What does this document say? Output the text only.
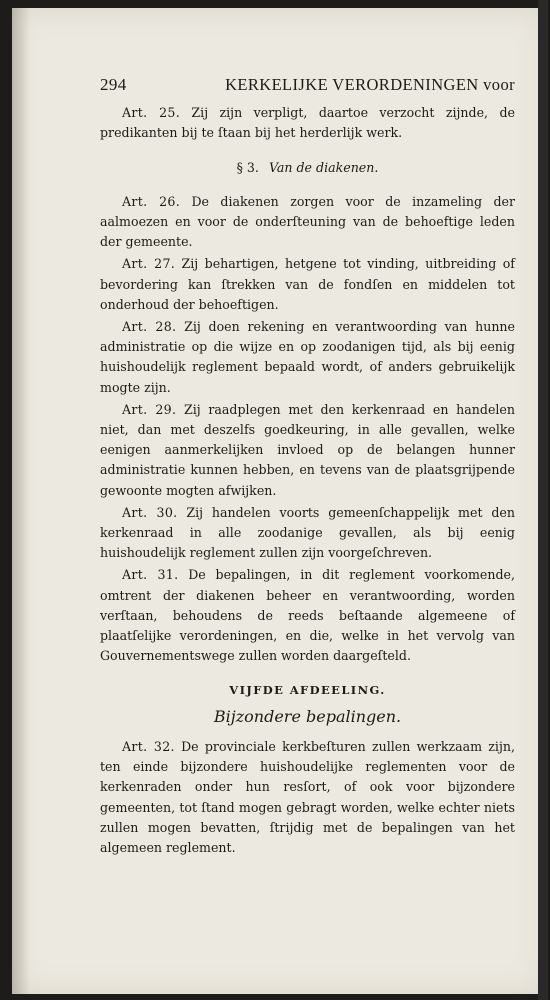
294	KERKELIJKE VERORDENINGEN voor

Art. 25. Zij zijn verpligt, daartoe verzocht zijnde, de predikanten bij te ſtaan bij het herderlijk werk.

§ 3. Van de diakenen.

Art. 26. De diakenen zorgen voor de inzameling der aalmoezen en voor de onderſteuning van de behoeftige leden der gemeente.

Art. 27. Zij behartigen, hetgene tot vinding, uitbreiding of bevordering kan ſtrekken van de fondſen en middelen tot onderhoud der behoeftigen.

Art. 28. Zij doen rekening en verantwoording van hunne administratie op die wijze en op zoodanigen tijd, als bij eenig huishoudelijk reglement bepaald wordt, of anders gebruikelijk mogte zijn.

Art. 29. Zij raadplegen met den kerkenraad en handelen niet, dan met deszelfs goedkeuring, in alle gevallen, welke eenigen aanmerkelijken invloed op de belangen hunner administratie kunnen hebben, en tevens van de plaatsgrijpende gewoonte mogten afwijken.

Art. 30. Zij handelen voorts gemeenſchappelijk met den kerkenraad in alle zoodanige gevallen, als bij eenig huishoudelijk reglement zullen zijn voorgeſchreven.

Art. 31. De bepalingen, in dit reglement voorkomende, omtrent der diakenen beheer en verantwoording, worden verſtaan, behoudens de reeds beſtaande algemeene of plaatſelijke verordeningen, en die, welke in het vervolg van Gouvernementswege zullen worden daargeſteld.

VIJFDE AFDEELING.
Bijzondere bepalingen.

Art. 32. De provinciale kerkbeſturen zullen werkzaam zijn, ten einde bijzondere huishoudelijke reglementen voor de kerkenraden onder hun resſort, of ook voor bijzondere gemeenten, tot ſtand mogen gebragt worden, welke echter niets zullen mogen bevatten, ſtrijdig met de bepalingen van het algemeen reglement.
